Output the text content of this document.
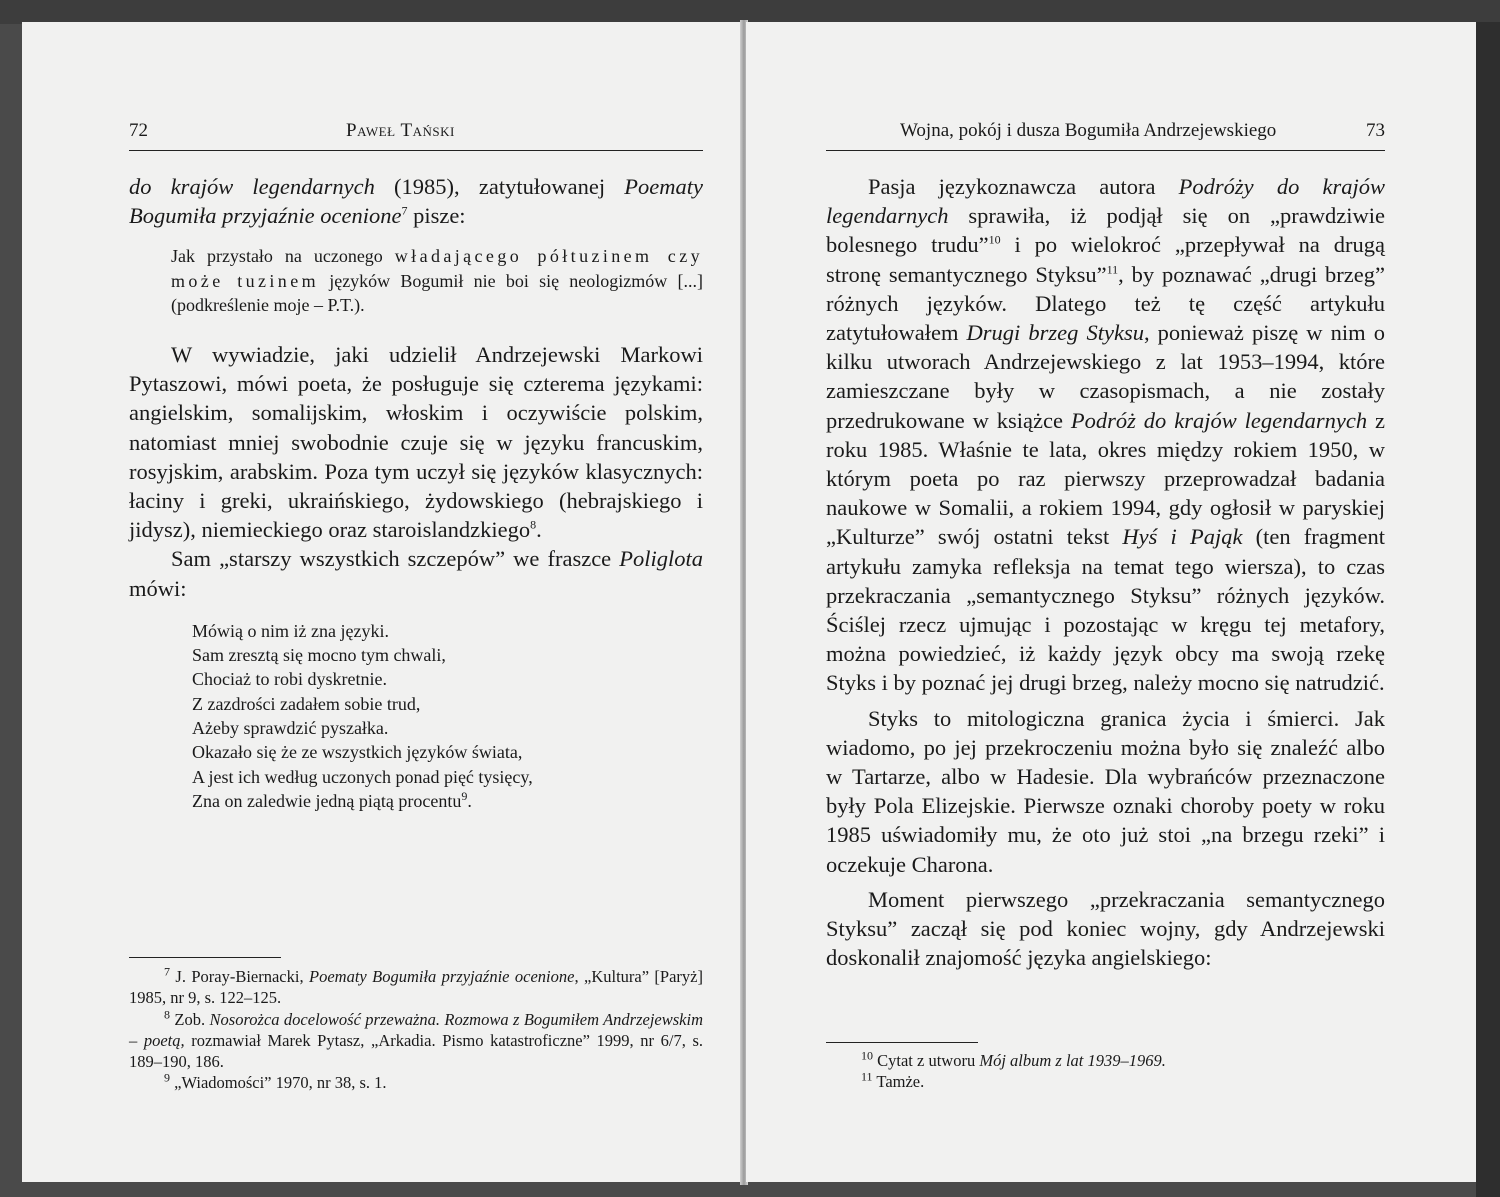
72	Paweł Tański

do krajów legendarnych (1985), zatytułowanej Poematy Bogumiła przyjaźnie ocenione$^7$ pisze:

Jak przystało na uczonego władającego półtuzinem czy może tuzinem języków Bogumił nie boi się neologizmów [...] (podkreślenie moje – P.T.).

W wywiadzie, jaki udzielił Andrzejewski Markowi Pytaszowi, mówi poeta, że posługuje się czterema językami: angielskim, somalijskim, włoskim i oczywiście polskim, natomiast mniej swobodnie czuje się w języku francuskim, rosyjskim, arabskim. Poza tym uczył się języków klasycznych: łaciny i greki, ukraińskiego, żydowskiego (hebrajskiego i jidysz), niemieckiego oraz staroislandzkiego$^8$.

Sam „starszy wszystkich szczepów” we fraszce Poliglota mówi:

Mówią o nim iż zna języki.
Sam zresztą się mocno tym chwali,
Chociaż to robi dyskretnie.
Z zazdrości zadałem sobie trud,
Ażeby sprawdzić pyszałka.
Okazało się że ze wszystkich języków świata,
A jest ich według uczonych ponad pięć tysięcy,
Zna on zaledwie jedną piątą procentu$^9$.

$^7$ J. Poray-Biernacki, Poematy Bogumiła przyjaźnie ocenione, „Kultura” [Paryż] 1985, nr 9, s. 122–125.

$^8$ Zob. Nosorożca docelowość przeważna. Rozmowa z Bogumiłem Andrzejewskim – poetą, rozmawiał Marek Pytasz, „Arkadia. Pismo katastroficzne” 1999, nr 6/7, s. 189–190, 186.

$^9$ „Wiadomości” 1970, nr 38, s. 1.

Wojna, pokój i dusza Bogumiła Andrzejewskiego	73

Pasja językoznawcza autora Podróży do krajów legendarnych sprawiła, iż podjął się on „prawdziwie bolesnego trudu”$^{10}$ i po wielokroć „przepływał na drugą stronę semantycznego Styksu”$^{11}$, by poznawać „drugi brzeg” różnych języków. Dlatego też tę część artykułu zatytułowałem Drugi brzeg Styksu, ponieważ piszę w nim o kilku utworach Andrzejewskiego z lat 1953–1994, które zamieszczane były w czasopismach, a nie zostały przedrukowane w książce Podróż do krajów legendarnych z roku 1985. Właśnie te lata, okres między rokiem 1950, w którym poeta po raz pierwszy przeprowadzał badania naukowe w Somalii, a rokiem 1994, gdy ogłosił w paryskiej „Kulturze” swój ostatni tekst Hyś i Pająk (ten fragment artykułu zamyka refleksja na temat tego wiersza), to czas przekraczania „semantycznego Styksu” różnych języków. Ściślej rzecz ujmując i pozostając w kręgu tej metafory, można powiedzieć, iż każdy język obcy ma swoją rzekę Styks i by poznać jej drugi brzeg, należy mocno się natrudzić.

Styks to mitologiczna granica życia i śmierci. Jak wiadomo, po jej przekroczeniu można było się znaleźć albo w Tartarze, albo w Hadesie. Dla wybrańców przeznaczone były Pola Elizejskie. Pierwsze oznaki choroby poety w roku 1985 uświadomiły mu, że oto już stoi „na brzegu rzeki” i oczekuje Charona.

Moment pierwszego „przekraczania semantycznego Styksu” zaczął się pod koniec wojny, gdy Andrzejewski doskonalił znajomość języka angielskiego:

$^{10}$ Cytat z utworu Mój album z lat 1939–1969.

$^{11}$ Tamże.
